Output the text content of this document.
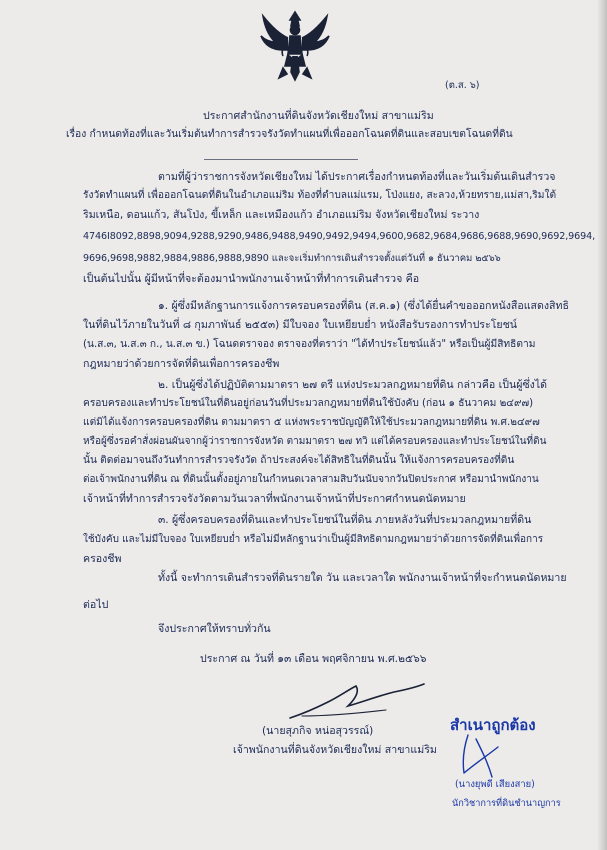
(ต.ส. ๖)
ประกาศสำนักงานที่ดินจังหวัดเชียงใหม่ สาขาแม่ริม
เรื่อง กำหนดท้องที่และวันเริ่มต้นทำการสำรวจรังวัดทำแผนที่เพื่อออกโฉนดที่ดินและสอบเขตโฉนดที่ดิน
ตามที่ผู้ว่าราชการจังหวัดเชียงใหม่ ได้ประกาศเรื่องกำหนดท้องที่และวันเริ่มต้นเดินสำรวจ
รังวัดทำแผนที่ เพื่อออกโฉนดที่ดินในอำเภอแม่ริม ท้องที่ตำบลแม่แรม, โป่งแยง, สะลวง,ห้วยทราย,แม่สา,ริมใต้
ริมเหนือ, ดอนแก้ว, สันโป่ง, ขี้เหล็ก และเหมืองแก้ว อำเภอแม่ริม จังหวัดเชียงใหม่ ระวาง
4746I8092,8898,9094,9288,9290,9486,9488,9490,9492,9494,9600,9682,9684,9686,9688,9690,9692,9694,
9696,9698,9882,9884,9886,9888,9890 และจะเริ่มทำการเดินสำรวจตั้งแต่วันที่ ๑ ธันวาคม ๒๕๖๖
เป็นต้นไปนั้น ผู้มีหน้าที่จะต้องมานำพนักงานเจ้าหน้าที่ทำการเดินสำรวจ คือ
๑. ผู้ซึ่งมีหลักฐานการแจ้งการครอบครองที่ดิน (ส.ค.๑) (ซึ่งได้ยื่นคำขอออกหนังสือแสดงสิทธิ
ในที่ดินไว้ภายในวันที่ ๘ กุมภาพันธ์ ๒๕๕๓) มีใบจอง ใบเหยียบย่ำ หนังสือรับรองการทำประโยชน์
(น.ส.๓, น.ส.๓ ก., น.ส.๓ ข.) โฉนดตราจอง ตราจองที่ตราว่า "ได้ทำประโยชน์แล้ว" หรือเป็นผู้มีสิทธิตาม
กฎหมายว่าด้วยการจัดที่ดินเพื่อการครองชีพ
๒. เป็นผู้ซึ่งได้ปฏิบัติตามมาตรา ๒๗ ตรี แห่งประมวลกฎหมายที่ดิน กล่าวคือ เป็นผู้ซึ่งได้
ครอบครองและทำประโยชน์ในที่ดินอยู่ก่อนวันที่ประมวลกฎหมายที่ดินใช้บังคับ (ก่อน ๑ ธันวาคม ๒๔๙๗)
แต่มิได้แจ้งการครอบครองที่ดิน ตามมาตรา ๕ แห่งพระราชบัญญัติให้ใช้ประมวลกฎหมายที่ดิน พ.ศ.๒๔๙๗
หรือผู้ซึ่งรอคำสั่งผ่อนผันจากผู้ว่าราชการจังหวัด ตามมาตรา ๒๗ ทวิ แต่ได้ครอบครองและทำประโยชน์ในที่ดิน
นั้น ติดต่อมาจนถึงวันทำการสำรวจรังวัด ถ้าประสงค์จะได้สิทธิในที่ดินนั้น ให้แจ้งการครอบครองที่ดิน
ต่อเจ้าพนักงานที่ดิน ณ ที่ดินนั้นตั้งอยู่ภายในกำหนดเวลาสามสิบวันนับจากวันปิดประกาศ หรือมานำพนักงาน
เจ้าหน้าที่ทำการสำรวจรังวัดตามวันเวลาที่พนักงานเจ้าหน้าที่ประกาศกำหนดนัดหมาย
๓. ผู้ซึ่งครอบครองที่ดินและทำประโยชน์ในที่ดิน ภายหลังวันที่ประมวลกฎหมายที่ดิน
ใช้บังคับ และไม่มีใบจอง ใบเหยียบย่ำ หรือไม่มีหลักฐานว่าเป็นผู้มีสิทธิตามกฎหมายว่าด้วยการจัดที่ดินเพื่อการ
ครองชีพ
ทั้งนี้ จะทำการเดินสำรวจที่ดินรายใด วัน และเวลาใด พนักงานเจ้าหน้าที่จะกำหนดนัดหมาย
ต่อไป
จึงประกาศให้ทราบทั่วกัน
ประกาศ ณ วันที่ ๑๓ เดือน พฤศจิกายน พ.ศ.๒๕๖๖
(นายสุภกิจ หน่อสุวรรณ์)
เจ้าพนักงานที่ดินจังหวัดเชียงใหม่ สาขาแม่ริม
สำเนาถูกต้อง
(นางยุพดี เสียงสาย)
นักวิชาการที่ดินชำนาญการ
